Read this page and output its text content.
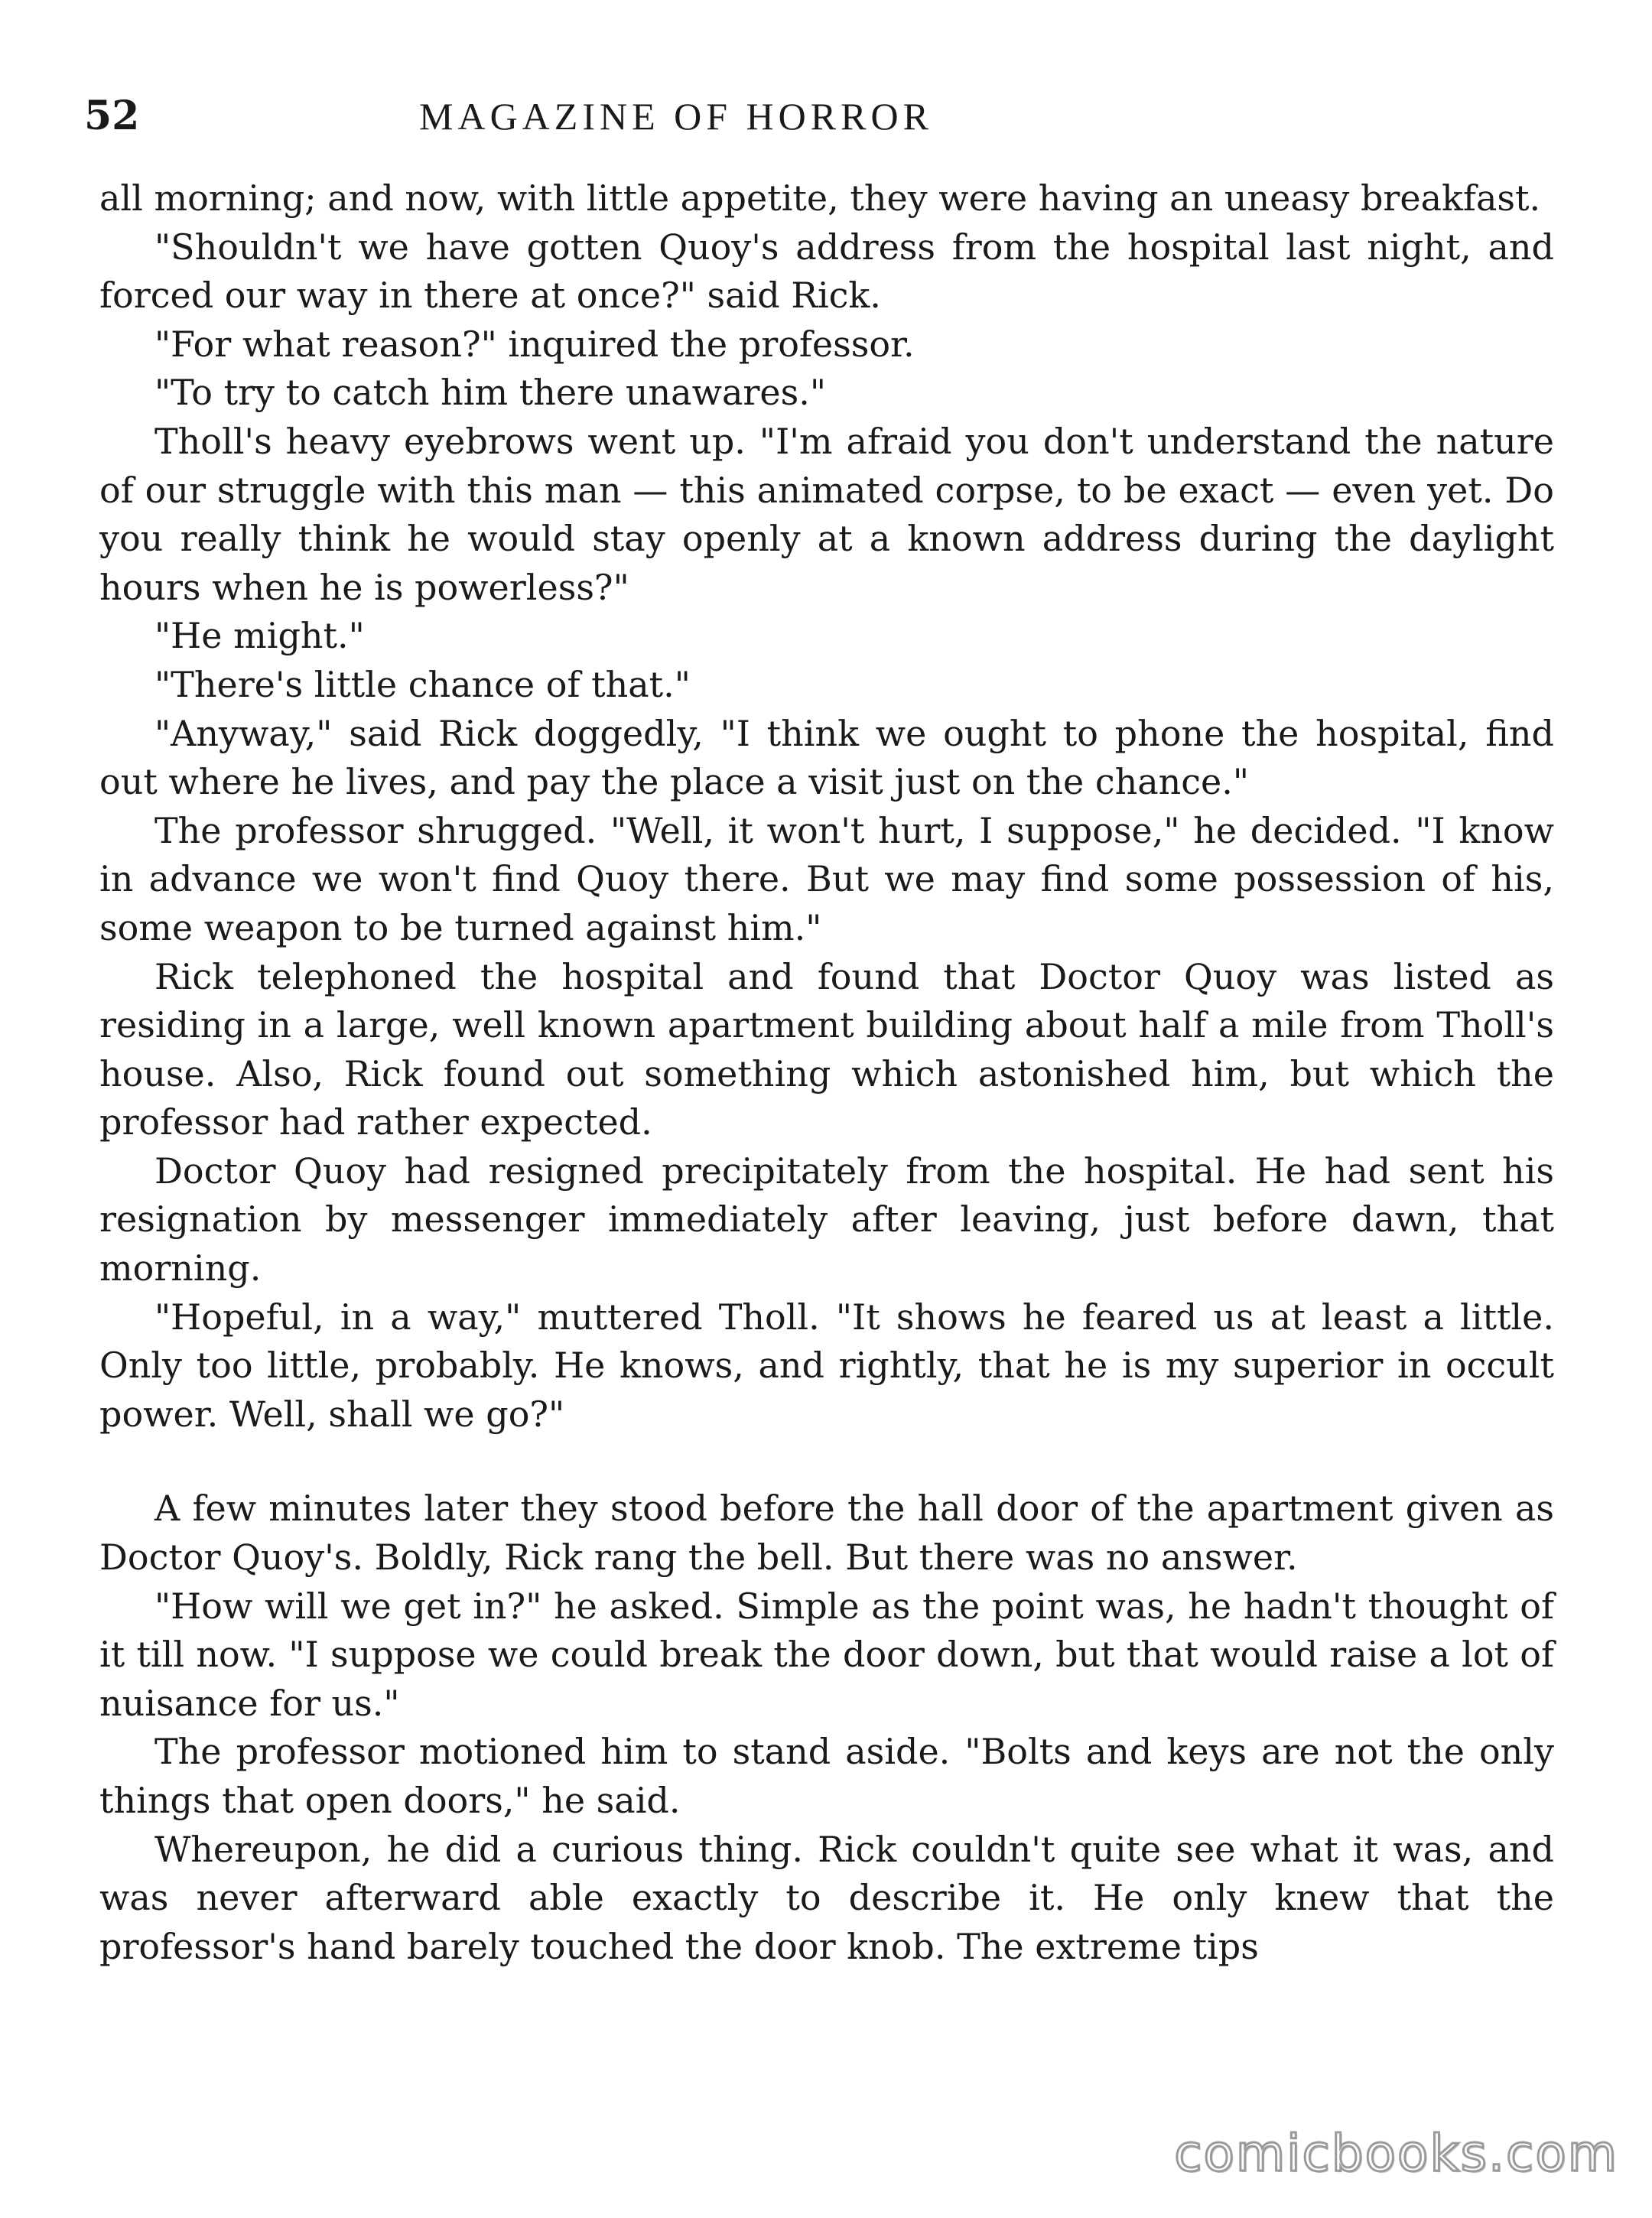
52	MAGAZINE OF HORROR

all morning; and now, with little appetite, they were having an uneasy breakfast.

"Shouldn't we have gotten Quoy's address from the hospital last night, and forced our way in there at once?" said Rick.

"For what reason?" inquired the professor.

"To try to catch him there unawares."

Tholl's heavy eyebrows went up. "I'm afraid you don't understand the nature of our struggle with this man — this animated corpse, to be exact — even yet. Do you really think he would stay openly at a known address during the daylight hours when he is powerless?"

"He might."

"There's little chance of that."

"Anyway," said Rick doggedly, "I think we ought to phone the hospital, find out where he lives, and pay the place a visit just on the chance."

The professor shrugged. "Well, it won't hurt, I suppose," he decided. "I know in advance we won't find Quoy there. But we may find some possession of his, some weapon to be turned against him."

Rick telephoned the hospital and found that Doctor Quoy was listed as residing in a large, well known apartment building about half a mile from Tholl's house. Also, Rick found out something which astonished him, but which the professor had rather expected.

Doctor Quoy had resigned precipitately from the hospital. He had sent his resignation by messenger immediately after leaving, just before dawn, that morning.

"Hopeful, in a way," muttered Tholl. "It shows he feared us at least a little. Only too little, probably. He knows, and rightly, that he is my superior in occult power. Well, shall we go?"

A few minutes later they stood before the hall door of the apartment given as Doctor Quoy's. Boldly, Rick rang the bell. But there was no answer.

"How will we get in?" he asked. Simple as the point was, he hadn't thought of it till now. "I suppose we could break the door down, but that would raise a lot of nuisance for us."

The professor motioned him to stand aside. "Bolts and keys are not the only things that open doors," he said.

Whereupon, he did a curious thing. Rick couldn't quite see what it was, and was never afterward able exactly to describe it. He only knew that the professor's hand barely touched the door knob. The extreme tips

comicbooks.com
